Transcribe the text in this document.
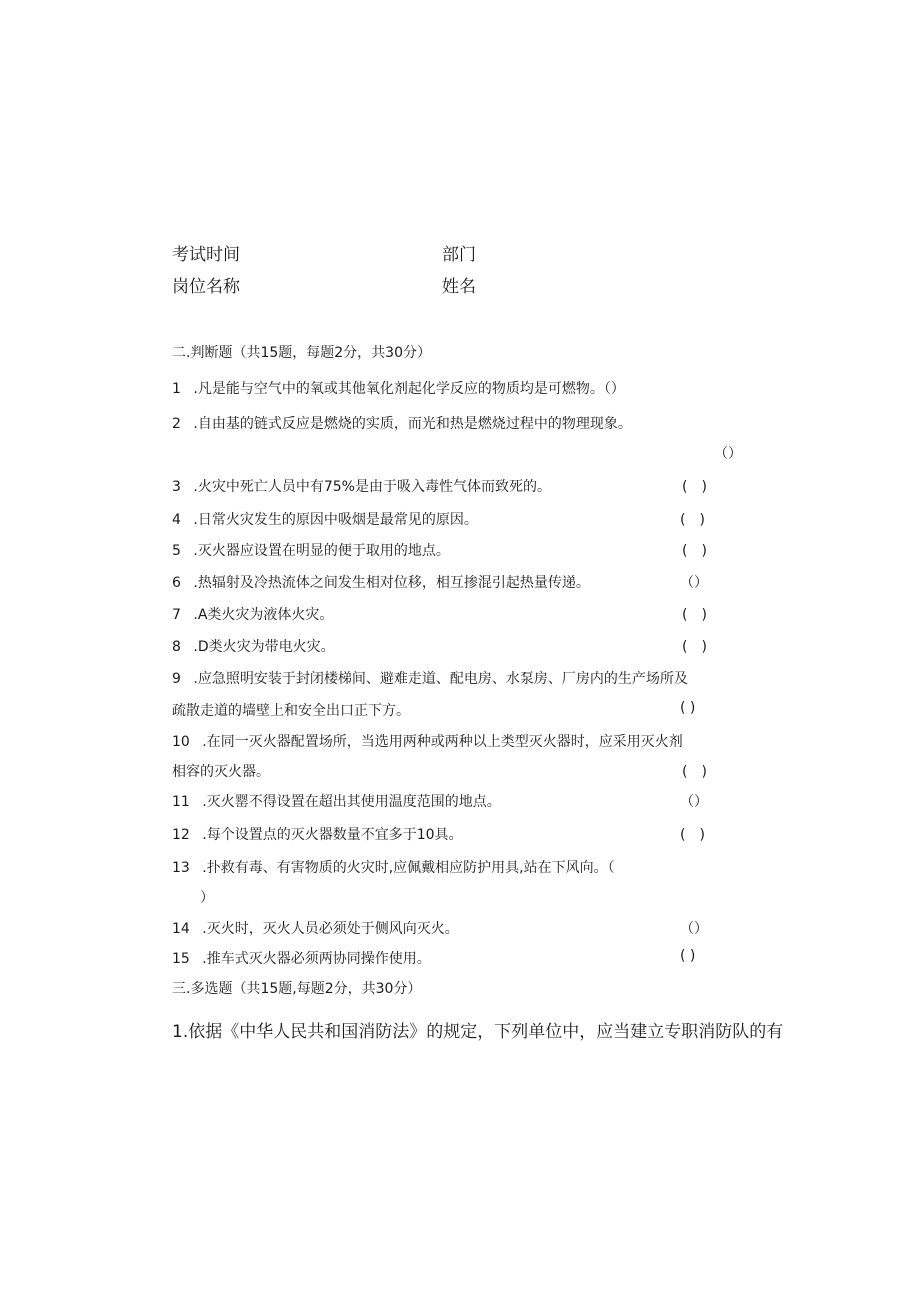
考试时间	部门
岗位名称	姓名
二.判断题（共15题，每题2分，共30分）
1 .凡是能与空气中的氧或其他氧化剂起化学反应的物质均是可燃物。（）
2 .自由基的链式反应是燃烧的实质，而光和热是燃烧过程中的物理现象。
（）
3 .火灾中死亡人员中有75%是由于吸入毒性气体而致死的。	(　)
4 .日常火灾发生的原因中吸烟是最常见的原因。	(　)
5 .灭火器应设置在明显的便于取用的地点。	(　)
6 .热辐射及冷热流体之间发生相对位移，相互掺混引起热量传递。	（）
7 .A类火灾为液体火灾。	(　)
8 .D类火灾为带电火灾。	(　)
9 .应急照明安装于封闭楼梯间、避难走道、配电房、水泵房、厂房内的生产场所及
疏散走道的墙壁上和安全出口正下方。	( )
10 .在同一灭火器配置场所，当选用两种或两种以上类型灭火器时，应采用灭火剂
相容的灭火器。	(　)
11 .灭火罂不得设置在超出其使用温度范围的地点。	（）
12 .每个设置点的灭火器数量不宜多于10具。	(　)
13 .扑救有毒、有害物质的火灾时,应佩戴相应防护用具,站在下风向。（
）
14 .灭火时，灭火人员必须处于侧风向灭火。	（）
15 .推车式灭火器必须两协同操作使用。	( )
三.多选题（共15题,每题2分，共30分）
1.依据《中华人民共和国消防法》的规定，下列单位中，应当建立专职消防队的有
